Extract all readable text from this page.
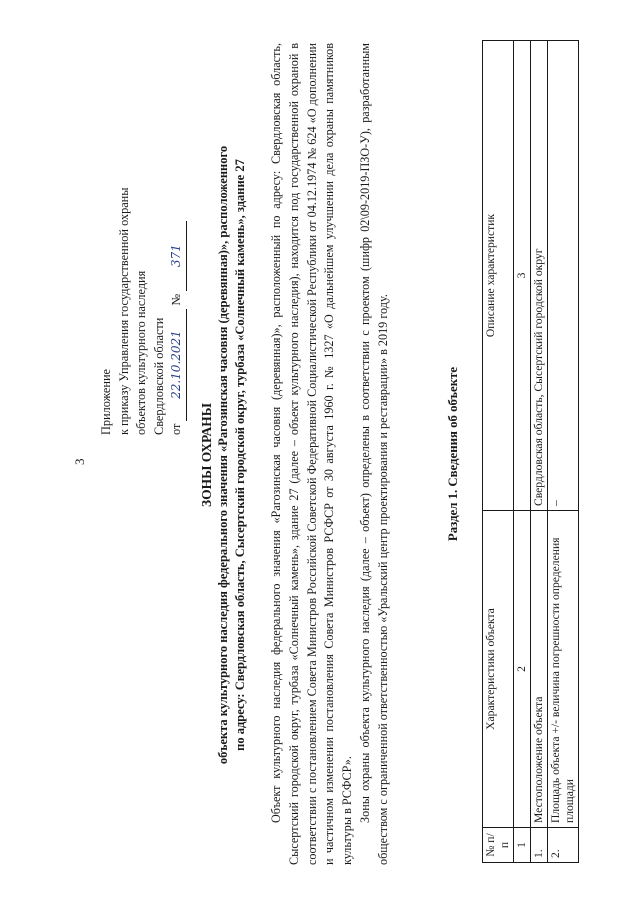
3
Приложение к приказу Управления государственной охраны объектов культурного наследия Свердловской области от 22.10.2021 № 371
ЗОНЫ ОХРАНЫ объекта культурного наследия федерального значения «Рагозинская часовня (деревянная)», расположенного по адресу: Свердловская область, Сысертский городской округ, турбаза «Солнечный камень», здание 27 Объект культурного наследия федерального значения «Рагозинская часовня (деревянная)», расположенный по адресу: Свердловская область, Сысертский городской округ, турбаза «Солнечный камень», здание 27 (далее – объект культурного наследия), находится под государственной охраной в соответствии с постановлением Совета Министров Российской Советской Федеративной Социалистической Республики от 04.12.1974 № 624 «О дополнении и частичном изменении постановления Совета Министров РСФСР от 30 августа 1960 г. № 1327 «О дальнейшем улучшении дела охраны памятников культуры в РСФСР». Зоны охраны объекта культурного наследия (далее – объект) определены в соответствии с проектом (шифр 02\09-2019-ПЗО-У), разработанным обществом с ограниченной ответственностью «Уральский центр проектирования и реставрации» в 2019 году.	Раздел 1. Сведения об объекте
№ п/п	Характеристики объекта	Описание характеристик
1	2	3
1.	Местоположение объекта	Свердловская область, Сысертский городской округ
2.	Площадь объекта +/- величина погрешности определения площади	–
